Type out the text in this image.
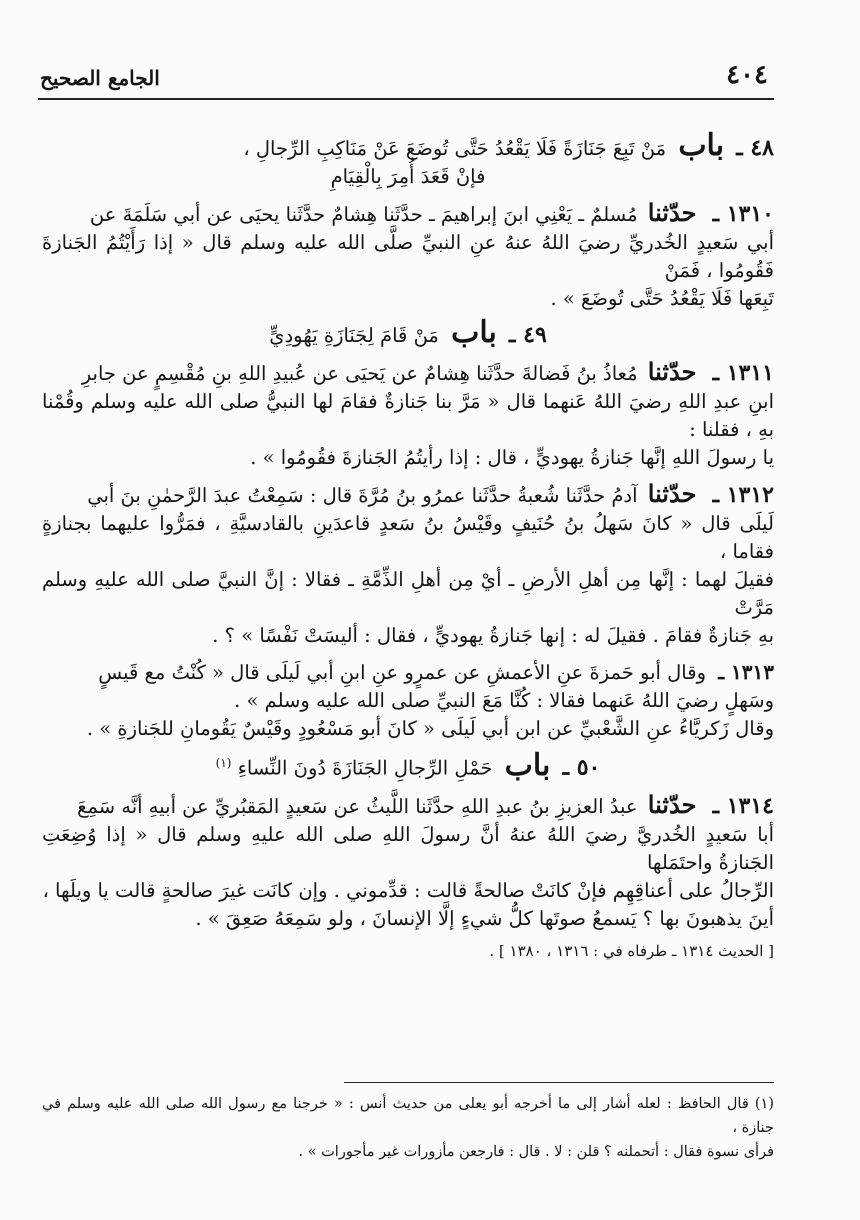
٤٠٤
الجامع الصحيح

٤٨ ـ باب مَنْ تَبِعَ جَنَازَةً فَلَا يَقْعُدُ حَتَّى تُوضَعَ عَنْ مَنَاكِبِ الرِّجالِ ،

فإنْ قَعَدَ أُمِرَ بِالْقِيَامِ

١٣١٠ ـ حدّثنا مُسلمٌ ـ يَعْنِي ابنَ إبراهيمَ ـ حدَّثَنا هِشامٌ حدَّثَنا يحيَى عن أبي سَلَمَةَ عن

أبي سَعيدٍ الخُدريِّ رضيَ اللهُ عنهُ عنِ النبيِّ صلَّى الله عليه وسلم قال « إذا رَأَيْتُمُ الجَنازةَ فَقُومُوا ، فَمَنْ

تَبِعَها فَلَا يَقْعُدُ حَتَّى تُوضَعَ » .

٤٩ ـ باب مَنْ قَامَ لِجَنَازَةِ يَهُودِيٍّ

١٣١١ ـ حدّثنا مُعاذُ بنُ فَضالةَ حدَّثَنا هِشامٌ عن يَحيَى عن عُبيدِ اللهِ بنِ مُقْسِمٍ عن جابرِ

ابنِ عبدِ اللهِ رضيَ اللهُ عَنهما قال « مَرَّ بنا جَنازةٌ فقامَ لها النبيُّ صلى الله عليه وسلم وقُمْنا بهِ ، فقلنا :

يا رسولَ اللهِ إنَّها جَنازةُ يهوديٍّ ، قال : إذا رأيتُمُ الجَنازةَ فقُومُوا » .

١٣١٢ ـ حدّثنا آدمُ حدَّثَنا شُعبةُ حدَّثَنا عمرُو بنُ مُرَّةَ قال : سَمِعْتُ عبدَ الرَّحمٰنِ بنَ أبي

لَيلَى قال « كانَ سَهلُ بنُ حُنَيفٍ وقَيْسُ بنُ سَعدٍ قاعدَينِ بالقادسيَّةِ ، فمَرُّوا عليهما بجنازةٍ فقاما ،

فقيلَ لهما : إنَّها مِن أهلِ الأرضِ ـ أيْ مِن أهلِ الذِّمَّةِ ـ فقالا : إنَّ النبيَّ صلى الله عليهِ وسلم مَرَّتْ

بهِ جَنازةٌ فقامَ . فقيلَ له : إنها جَنازةُ يهوديٍّ ، فقال : أليسَتْ نَفْسًا » ؟ .

١٣١٣ ـ وقال أبو حَمزةَ عنِ الأعمشِ عن عمرٍو عنِ ابنِ أبي لَيلَى قال « كُنْتُ مع قَيسٍ

وسَهلٍ رضيَ اللهُ عَنهما فقالا : كُنَّا مَعَ النبيِّ صلى الله عليه وسلم » .

وقال زَكريَّاءُ عنِ الشَّعْبيِّ عن ابن أبي لَيلَى « كانَ أبو مَسْعُودٍ وقَيْسٌ يَقُومانِ للجَنازةِ » .

٥٠ ـ باب حَمْلِ الرِّجالِ الجَنَازَةَ دُونَ النِّساءِ $^{(١)}$

١٣١٤ ـ حدّثنا عبدُ العزيزِ بنُ عبدِ اللهِ حدَّثَنا اللَّيثُ عن سَعيدٍ المَقبُريِّ عن أبيهِ أنَّه سَمِعَ

أبا سَعيدٍ الخُدريَّ رضيَ اللهُ عنهُ أنَّ رسولَ اللهِ صلى الله عليهِ وسلم قال « إذا وُضِعَتِ الجَنازةُ واحتَمَلها

الرِّجالُ على أعناقِهِم فإنْ كانَتْ صالحةً قالت : قدِّموني . وإن كانَت غيرَ صالحةٍ قالت يا ويلَها ،

أينَ يذهبونَ بها ؟ يَسمعُ صوتَها كلُّ شيءٍ إلَّا الإنسانَ ، ولو سَمِعَهُ صَعِقَ » .

[ الحديث ١٣١٤ ـ طرفاه في : ١٣١٦ ، ١٣٨٠ ] .

(١) قال الحافظ : لعله أشار إلى ما أخرجه أبو يعلى من حديث أنس : « خرجنا مع رسول الله صلى الله عليه وسلم في جنازة ،
فرأى نسوة فقال : أتحملنه ؟ قلن : لا . قال : فارجعن مأزورات غير مأجورات » .
